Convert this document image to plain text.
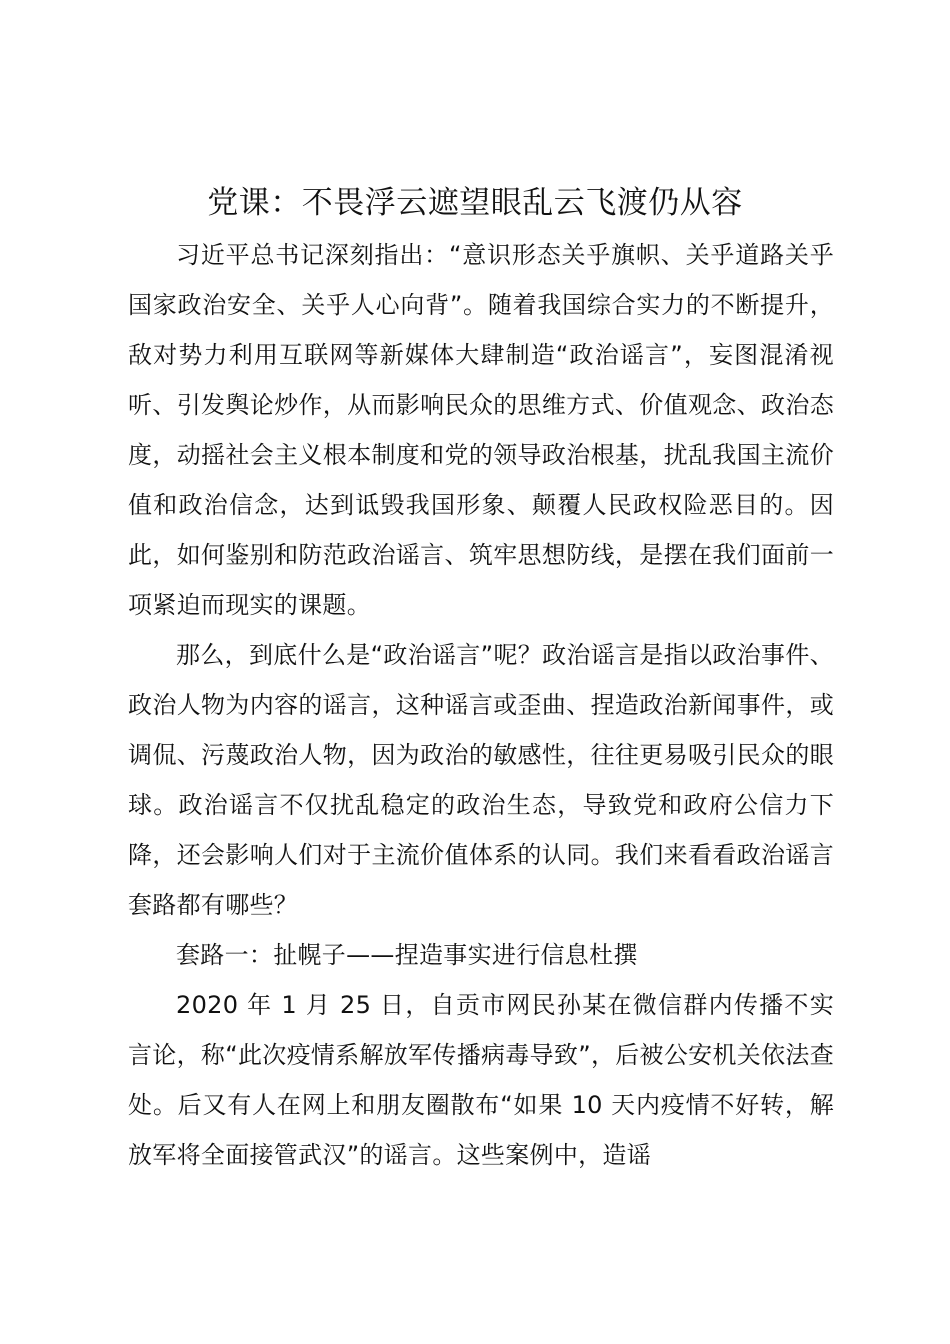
党课：不畏浮云遮望眼乱云飞渡仍从容

习近平总书记深刻指出：“意识形态关乎旗帜、关乎道路关乎国家政治安全、关乎人心向背”。随着我国综合实力的不断提升，敌对势力利用互联网等新媒体大肆制造“政治谣言”，妄图混淆视听、引发舆论炒作，从而影响民众的思维方式、价值观念、政治态度，动摇社会主义根本制度和党的领导政治根基，扰乱我国主流价值和政治信念，达到诋毁我国形象、颠覆人民政权险恶目的。因此，如何鉴别和防范政治谣言、筑牢思想防线，是摆在我们面前一项紧迫而现实的课题。

那么，到底什么是“政治谣言”呢？政治谣言是指以政治事件、政治人物为内容的谣言，这种谣言或歪曲、捏造政治新闻事件，或调侃、污蔑政治人物，因为政治的敏感性，往往更易吸引民众的眼球。政治谣言不仅扰乱稳定的政治生态，导致党和政府公信力下降，还会影响人们对于主流价值体系的认同。我们来看看政治谣言套路都有哪些？

套路一：扯幌子——捏造事实进行信息杜撰

2020 年 1 月 25 日，自贡市网民孙某在微信群内传播不实言论，称“此次疫情系解放军传播病毒导致”，后被公安机关依法查处。后又有人在网上和朋友圈散布“如果 10 天内疫情不好转，解放军将全面接管武汉”的谣言。这些案例中，造谣
